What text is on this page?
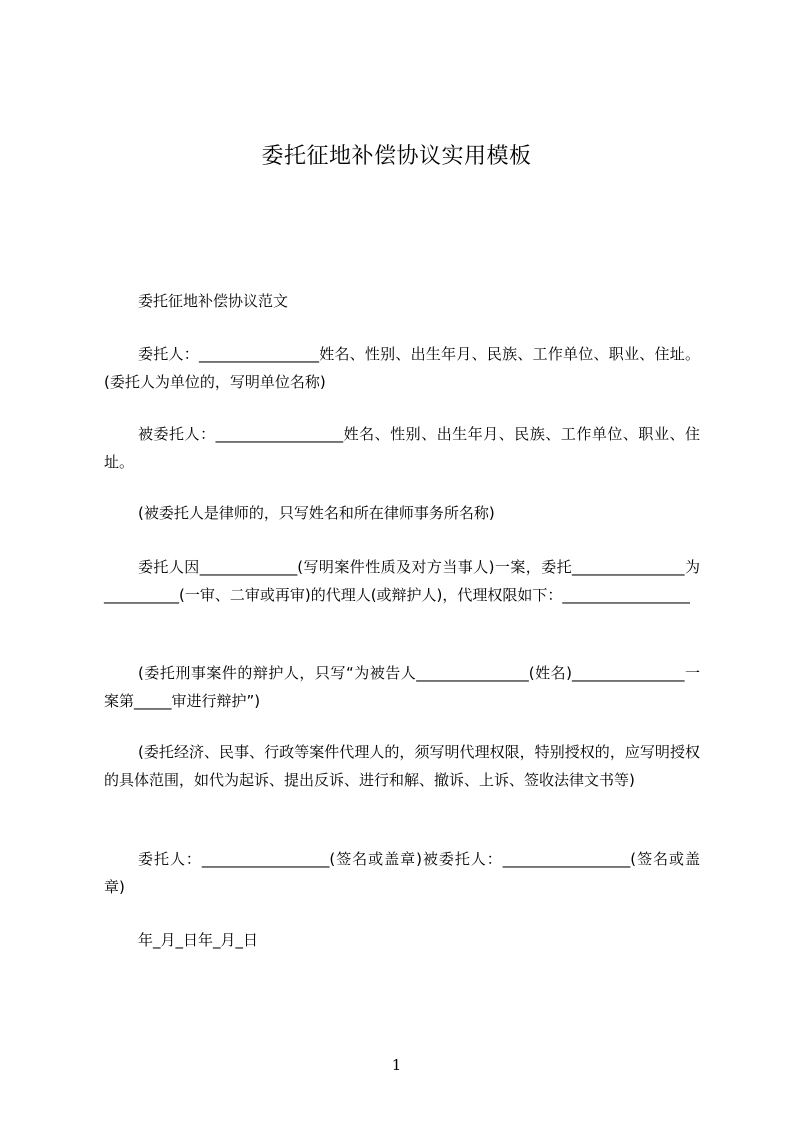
委托征地补偿协议实用模板
委托征地补偿协议范文
委托人：________________姓名、性别、出生年月、民族、工作单位、职业、住址。(委托人为单位的，写明单位名称)
被委托人：_________________姓名、性别、出生年月、民族、工作单位、职业、住址。
(被委托人是律师的，只写姓名和所在律师事务所名称)
委托人因_____________(写明案件性质及对方当事人)一案，委托_______________为__________(一审、二审或再审)的代理人(或辩护人)，代理权限如下：_________________
(委托刑事案件的辩护人，只写“为被告人_______________(姓名)_______________一案第_____审进行辩护”)
(委托经济、民事、行政等案件代理人的，须写明代理权限，特别授权的，应写明授权的具体范围，如代为起诉、提出反诉、进行和解、撤诉、上诉、签收法律文书等)
委托人：_________________(签名或盖章)被委托人：_________________(签名或盖章)
年_月_日年_月_日
1
